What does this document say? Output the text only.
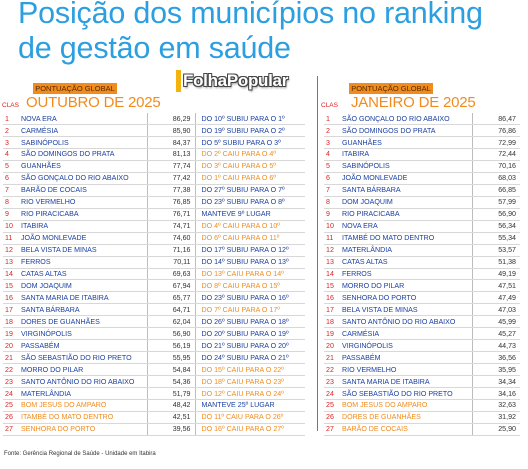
Posição dos municípios no ranking de gestão em saúde
FolhaPopular
PONTUAÇÃO GLOBAL
CLAS OUTUBRO DE 2025
PONTUAÇÃO GLOBAL
CLAS JANEIRO DE 2025
1	NOVA ERA	86,29	DO 10º SUBIU PARA O 1º
2	CARMÉSIA	85,90	DO 19º SUBIU PARA O 2º
3	SABINÓPOLIS	84,37	DO 5º SUBIU PARA O 3º
4	SÃO DOMINGOS DO PRATA	81,13	DO 2º CAIU PARA O 4º
5	GUANHÃES	77,74	DO 3º CAIU PARA O 5º
6	SÃO GONÇALO DO RIO ABAIXO	77,42	DO 1º CAIU PARA O 6º
7	BARÃO DE COCAIS	77,38	DO 27º SUBIU PARA O 7º
8	RIO VERMELHO	76,85	DO 23º SUBIU PARA O 8º
9	RIO PIRACICABA	76,71	MANTEVE 9º LUGAR
10	ITABIRA	74,71	DO 4º CAIU PARA O 10º
11	JOÃO MONLEVADE	74,60	DO 6º CAIU PARA O 11º
12	BELA VISTA DE MINAS	71,16	DO 17º SUBIU PARA O 12º
13	FERROS	70,11	DO 14º SUBIU PARA O 13º
14	CATAS ALTAS	69,63	DO 13º CAIU PARA O 14º
15	DOM JOAQUIM	67,94	DO 8º CAIU PARA O 15º
16	SANTA MARIA DE ITABIRA	65,77	DO 23º SUBIU PARA O 16º
17	SANTA BÁRBARA	64,71	DO 7º CAIU PARA O 17º
18	DORES DE GUANHÃES	62,04	DO 26º SUBIU PARA O 18º
19	VIRGINÓPOLIS	56,90	DO 20º SUBIU PARA O 19º
20	PASSABÉM	56,19	DO 21º SUBIU PARA O 20º
21	SÃO SEBASTIÃO DO RIO PRETO	55,95	DO 24º SUBIU PARA O 21º
22	MORRO DO PILAR	54,84	DO 15º CAIU PARA O 22º
23	SANTO ANTÔNIO DO RIO ABAIXO	54,36	DO 18º CAIU PARA O 23º
24	MATERLÂNDIA	51,79	DO 12º CAIU PARA O 24º
25	BOM JESUS DO AMPARO	48,42	MANTEVE 25º LUGAR
26	ITAMBÉ DO MATO DENTRO	42,51	DO 11º CAIU PARA O 26º
27	SENHORA DO PORTO	39,56	DO 16º CAIU PARA O 27º
1	SÃO GONÇALO DO RIO ABAIXO	86,47
2	SÃO DOMINGOS DO PRATA	76,86
3	GUANHÃES	72,99
4	ITABIRA	72,44
5	SABINÓPOLIS	70,16
6	JOÃO MONLEVADE	68,03
7	SANTA BÁRBARA	66,85
8	DOM JOAQUIM	57,99
9	RIO PIRACICABA	56,90
10	NOVA ERA	56,34
11	ITAMBÉ DO MATO DENTRO	55,34
12	MATERLÂNDIA	53,57
13	CATAS ALTAS	51,38
14	FERROS	49,19
15	MORRO DO PILAR	47,51
16	SENHORA DO PORTO	47,49
17	BELA VISTA DE MINAS	47,03
18	SANTO ANTÔNIO DO RIO ABAIXO	45,99
19	CARMÉSIA	45,27
20	VIRGINÓPOLIS	44,73
21	PASSABÉM	36,56
22	RIO VERMELHO	35,95
23	SANTA MARIA DE ITABIRA	34,34
24	SÃO SEBASTIÃO DO RIO PRETO	34,16
25	BOM JESUS DO AMPARO	32,63
26	DORES DE GUANHÃES	31,92
27	BARÃO DE COCAIS	25,90
Fonte: Gerência Regional de Saúde - Unidade em Itabira
